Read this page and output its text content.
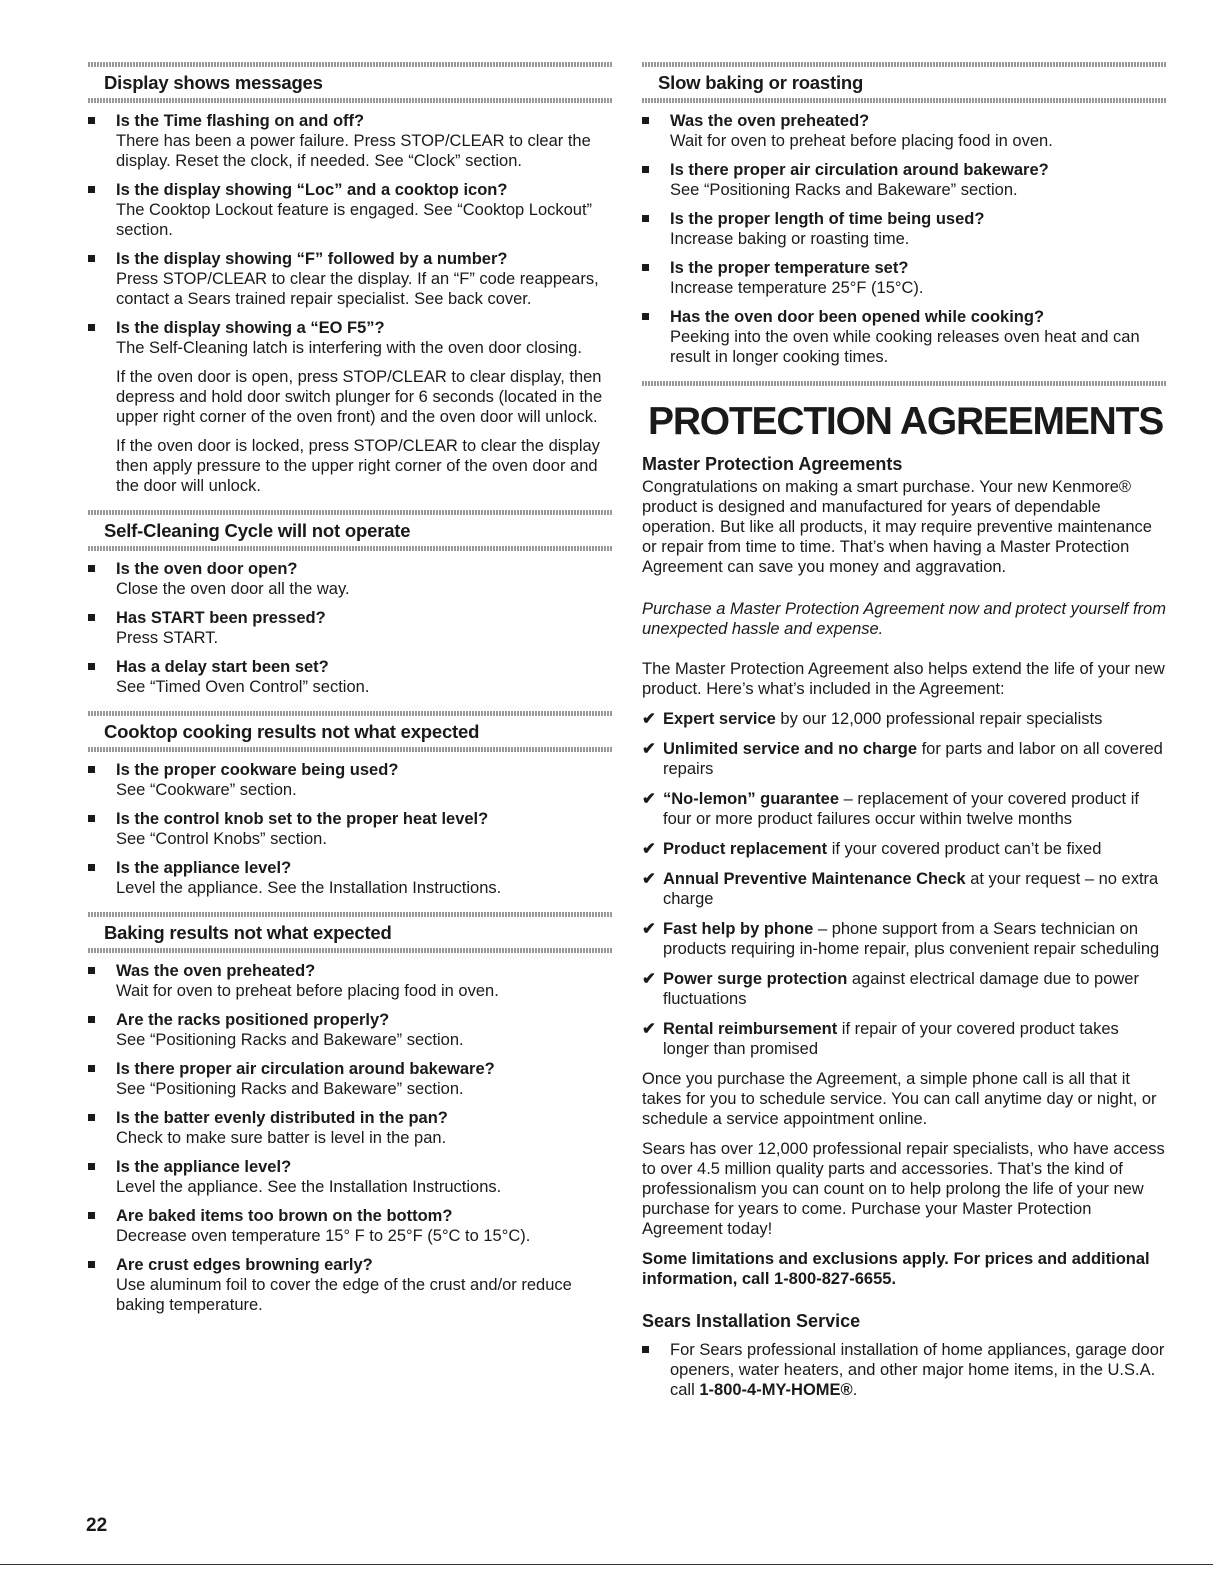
Display shows messages
Is the Time flashing on and off?
There has been a power failure. Press STOP/CLEAR to clear the display. Reset the clock, if needed. See “Clock” section.
Is the display showing “Loc” and a cooktop icon?
The Cooktop Lockout feature is engaged. See “Cooktop Lockout” section.
Is the display showing “F” followed by a number?
Press STOP/CLEAR to clear the display. If an “F” code reappears, contact a Sears trained repair specialist. See back cover.
Is the display showing a “EO F5”?
The Self-Cleaning latch is interfering with the oven door closing.
If the oven door is open, press STOP/CLEAR to clear display, then depress and hold door switch plunger for 6 seconds (located in the upper right corner of the oven front) and the oven door will unlock.
If the oven door is locked, press STOP/CLEAR to clear the display then apply pressure to the upper right corner of the oven door and the door will unlock.
Self-Cleaning Cycle will not operate
Is the oven door open?
Close the oven door all the way.
Has START been pressed?
Press START.
Has a delay start been set?
See “Timed Oven Control” section.
Cooktop cooking results not what expected
Is the proper cookware being used?
See “Cookware” section.
Is the control knob set to the proper heat level?
See “Control Knobs” section.
Is the appliance level?
Level the appliance. See the Installation Instructions.
Baking results not what expected
Was the oven preheated?
Wait for oven to preheat before placing food in oven.
Are the racks positioned properly?
See “Positioning Racks and Bakeware” section.
Is there proper air circulation around bakeware?
See “Positioning Racks and Bakeware” section.
Is the batter evenly distributed in the pan?
Check to make sure batter is level in the pan.
Is the appliance level?
Level the appliance. See the Installation Instructions.
Are baked items too brown on the bottom?
Decrease oven temperature 15° F to 25°F (5°C to 15°C).
Are crust edges browning early?
Use aluminum foil to cover the edge of the crust and/or reduce baking temperature.
Slow baking or roasting
Was the oven preheated?
Wait for oven to preheat before placing food in oven.
Is there proper air circulation around bakeware?
See “Positioning Racks and Bakeware” section.
Is the proper length of time being used?
Increase baking or roasting time.
Is the proper temperature set?
Increase temperature 25°F (15°C).
Has the oven door been opened while cooking?
Peeking into the oven while cooking releases oven heat and can result in longer cooking times.
PROTECTION AGREEMENTS
Master Protection Agreements

Congratulations on making a smart purchase. Your new Kenmore® product is designed and manufactured for years of dependable operation. But like all products, it may require preventive maintenance or repair from time to time. That’s when having a Master Protection Agreement can save you money and aggravation.

Purchase a Master Protection Agreement now and protect yourself from unexpected hassle and expense.

The Master Protection Agreement also helps extend the life of your new product. Here’s what’s included in the Agreement:

✔ Expert service by our 12,000 professional repair specialists
✔ Unlimited service and no charge for parts and labor on all covered repairs
✔ “No-lemon” guarantee – replacement of your covered product if four or more product failures occur within twelve months
✔ Product replacement if your covered product can’t be fixed
✔ Annual Preventive Maintenance Check at your request – no extra charge
✔ Fast help by phone – phone support from a Sears technician on products requiring in-home repair, plus convenient repair scheduling
✔ Power surge protection against electrical damage due to power fluctuations
✔ Rental reimbursement if repair of your covered product takes longer than promised

Once you purchase the Agreement, a simple phone call is all that it takes for you to schedule service. You can call anytime day or night, or schedule a service appointment online.

Sears has over 12,000 professional repair specialists, who have access to over 4.5 million quality parts and accessories. That’s the kind of professionalism you can count on to help prolong the life of your new purchase for years to come. Purchase your Master Protection Agreement today!

Some limitations and exclusions apply. For prices and additional information, call 1-800-827-6655.

Sears Installation Service
For Sears professional installation of home appliances, garage door openers, water heaters, and other major home items, in the U.S.A. call 1-800-4-MY-HOME®.
22
